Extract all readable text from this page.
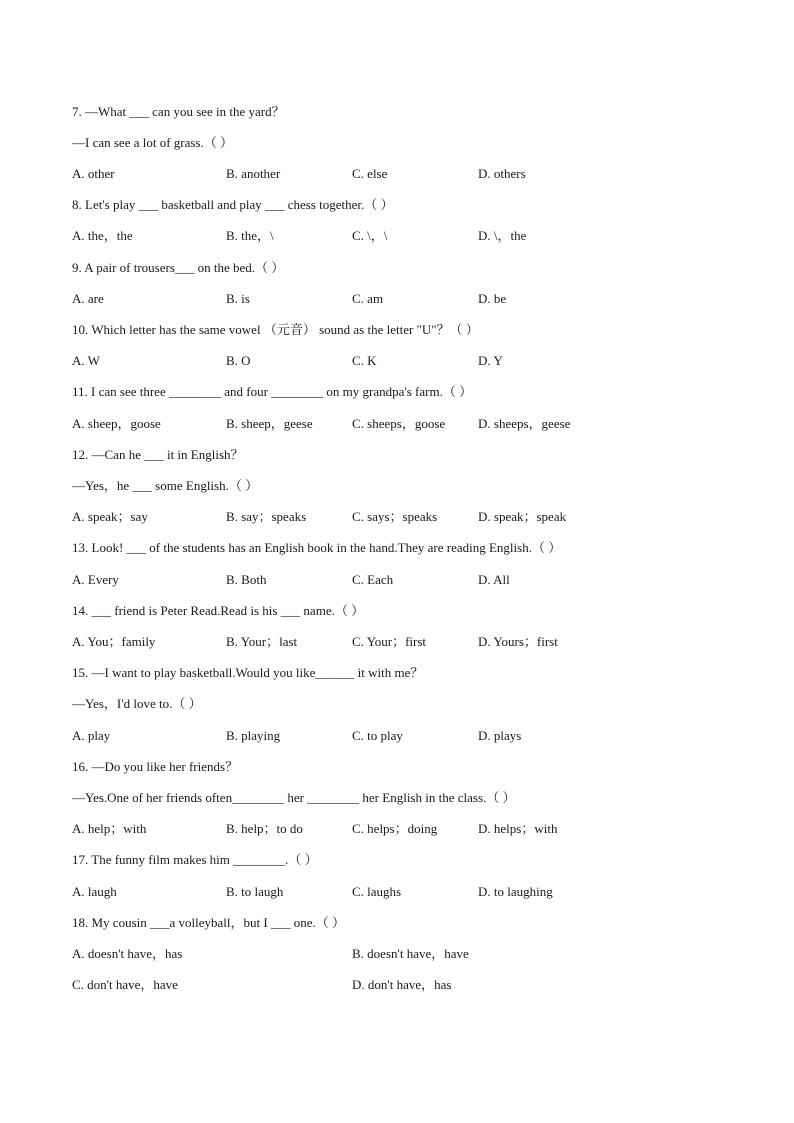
7. —What ___ can you see in the yard？
—I can see a lot of grass.（ ）
A. other	B. another	C. else	D. others
8. Let's play ___ basketball and play ___ chess together.（ ）
A. the，the	B. the，\	C. \，\	D. \，the
9. A pair of trousers___ on the bed.（ ）
A. are	B. is	C. am	D. be
10. Which letter has the same vowel （元音） sound as the letter "U"？（ ）
A. W	B. O	C. K	D. Y
11. I can see three ________ and four ________ on my grandpa's farm.（ ）
A. sheep，goose	B. sheep，geese	C. sheeps，goose	D. sheeps，geese
12. —Can he ___ it in English？
—Yes，he ___ some English.（ ）
A. speak；say	B. say；speaks	C. says；speaks	D. speak；speak
13. Look! ___ of the students has an English book in the hand.They are reading English.（ ）
A. Every	B. Both	C. Each	D. All
14. ___ friend is Peter Read.Read is his ___ name.（ ）
A. You；family	B. Your；last	C. Your；first	D. Yours；first
15. —I want to play basketball.Would you like______ it with me？
—Yes，I'd love to.（ ）
A. play	B. playing	C. to play	D. plays
16. —Do you like her friends？
—Yes.One of her friends often________ her ________ her English in the class.（ ）
A. help；with	B. help；to do	C. helps；doing	D. helps；with
17. The funny film makes him ________.（ ）
A. laugh	B. to laugh	C. laughs	D. to laughing
18. My cousin ___a volleyball，but I ___ one.（ ）
A. doesn't have，has	B. doesn't have，have
C. don't have，have	D. don't have，has
